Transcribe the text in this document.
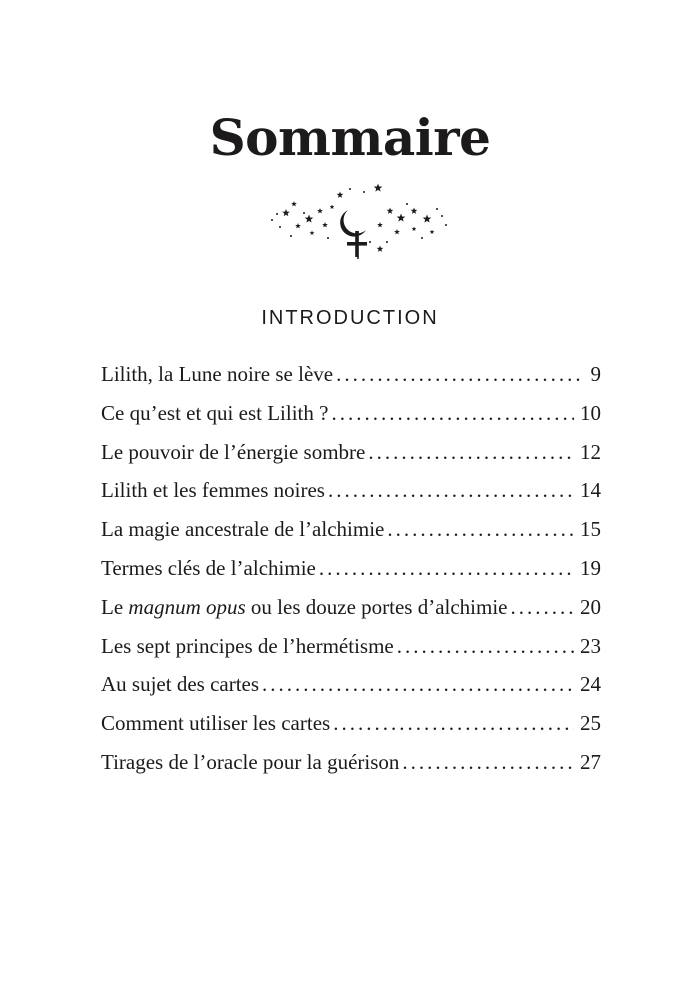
Sommaire
INTRODUCTION
Lilith, la Lune noire se lève .....	9
Ce qu’est et qui est Lilith ? .....	10
Le pouvoir de l’énergie sombre .....	12
Lilith et les femmes noires .....	14
La magie ancestrale de l’alchimie .....	15
Termes clés de l’alchimie .....	19
Le magnum opus ou les douze portes d’alchimie .....	20
Les sept principes de l’hermétisme .....	23
Au sujet des cartes .....	24
Comment utiliser les cartes .....	25
Tirages de l’oracle pour la guérison .....	27
